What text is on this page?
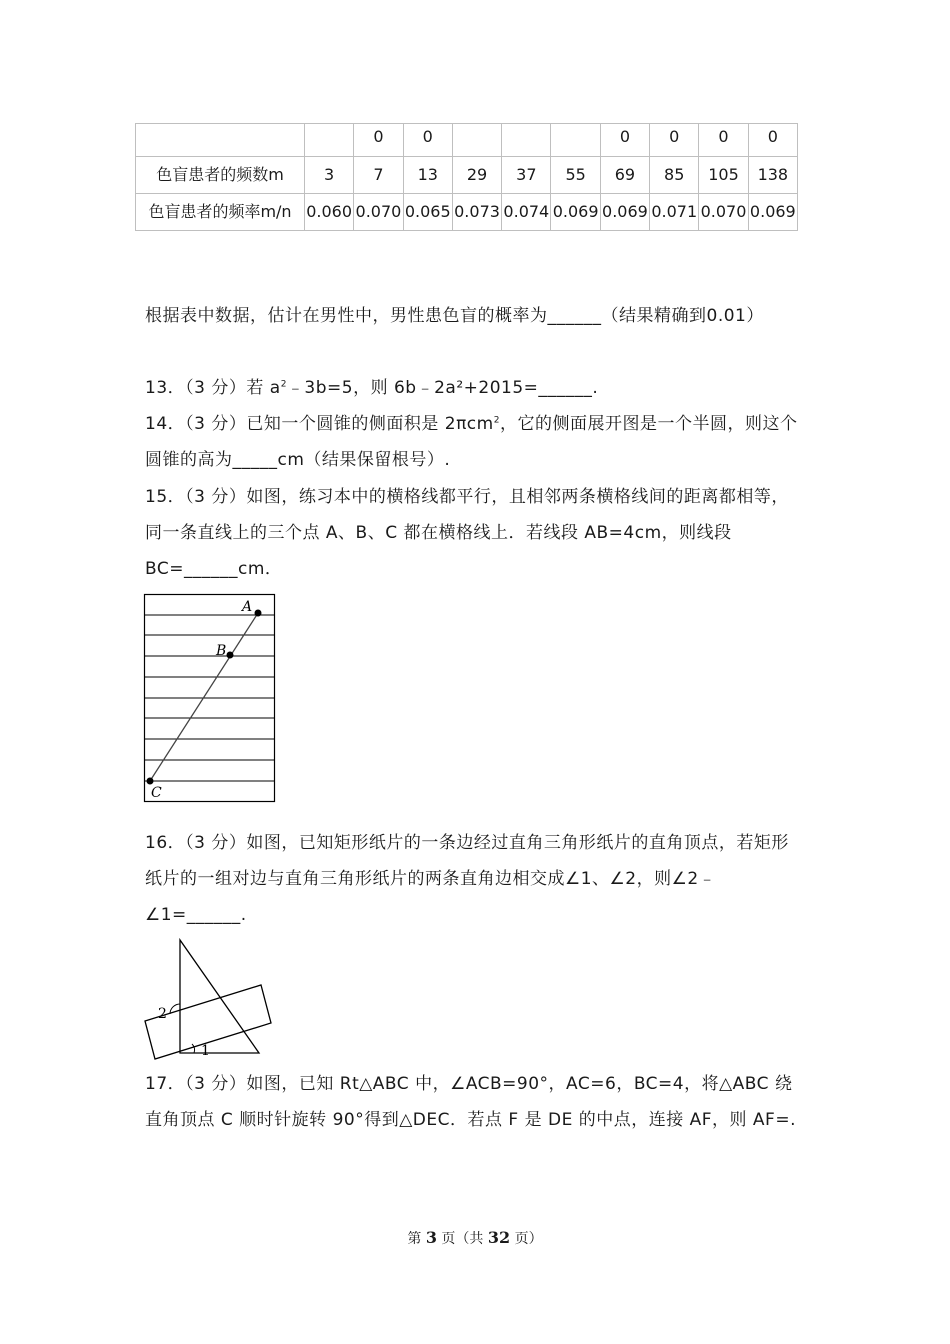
		0	0				0	0	0	0
色盲患者的频数m	3	7	13	29	37	55	69	85	105	138
色盲患者的频率m/n	0.060	0.070	0.065	0.073	0.074	0.069	0.069	0.071	0.070	0.069
根据表中数据，估计在男性中，男性患色盲的概率为______（结果精确到0.01）
13．（3 分）若 $a^2﹣3b=5$，则 6b﹣2a²+2015=______.
14．（3 分）已知一个圆锥的侧面积是 2πcm$^2$，它的侧面展开图是一个半圆，则这个圆锥的高为_____cm（结果保留根号）.
15．（3 分）如图，练习本中的横格线都平行，且相邻两条横格线间的距离都相等，同一条直线上的三个点 A、B、C 都在横格线上．若线段 AB=4cm，则线段BC=______cm．
A
B
C
16．（3 分）如图，已知矩形纸片的一条边经过直角三角形纸片的直角顶点，若矩形纸片的一组对边与直角三角形纸片的两条直角边相交成∠1、∠2，则∠2﹣∠1=______.
2
1
17．（3 分）如图，已知 Rt△ABC 中，∠ACB=90°，AC=6，BC=4，将△ABC 绕直角顶点 C 顺时针旋转 90°得到△DEC．若点 F 是 DE 的中点，连接 AF，则 AF=.
第 3 页（共 32 页）
